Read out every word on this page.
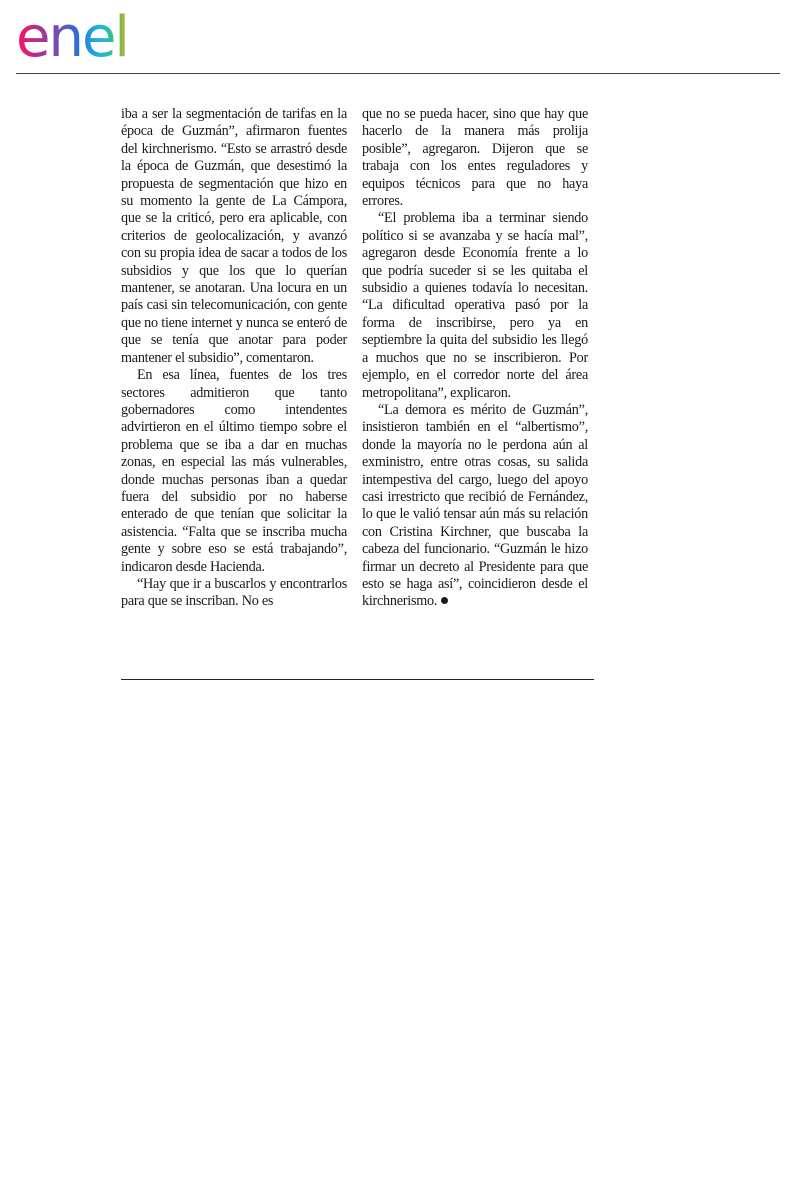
enel

iba a ser la segmentación de tarifas en la época de Guzmán”, afirmaron fuentes del kirchnerismo. “Esto se arrastró desde la época de Guzmán, que desestimó la propuesta de segmentación que hizo en su momento la gente de La Cámpora, que se la criticó, pero era aplicable, con criterios de geolocalización, y avanzó con su propia idea de sacar a todos de los subsidios y que los que lo querían mantener, se anotaran. Una locura en un país casi sin telecomunicación, con gente que no tiene internet y nunca se enteró de que se tenía que anotar para poder mantener el subsidio”, comentaron.

En esa línea, fuentes de los tres sectores admitieron que tanto gobernadores como intendentes advirtieron en el último tiempo sobre el problema que se iba a dar en muchas zonas, en especial las más vulnerables, donde muchas personas iban a quedar fuera del subsidio por no haberse enterado de que tenían que solicitar la asistencia. “Falta que se inscriba mucha gente y sobre eso se está trabajando”, indicaron desde Hacienda.

“Hay que ir a buscarlos y encontrarlos para que se inscriban. No es

que no se pueda hacer, sino que hay que hacerlo de la manera más prolija posible”, agregaron. Dijeron que se trabaja con los entes reguladores y equipos técnicos para que no haya errores.

“El problema iba a terminar siendo político si se avanzaba y se hacía mal”, agregaron desde Economía frente a lo que podría suceder si se les quitaba el subsidio a quienes todavía lo necesitan. “La dificultad operativa pasó por la forma de inscribirse, pero ya en septiembre la quita del subsidio les llegó a muchos que no se inscribieron. Por ejemplo, en el corredor norte del área metropolitana”, explicaron.

“La demora es mérito de Guzmán”, insistieron también en el “albertismo”, donde la mayoría no le perdona aún al exministro, entre otras cosas, su salida intempestiva del cargo, luego del apoyo casi irrestricto que recibió de Fernández, lo que le valió tensar aún más su relación con Cristina Kirchner, que buscaba la cabeza del funcionario. “Guzmán le hizo firmar un decreto al Presidente para que esto se haga así”, coincidieron desde el kirchnerismo.
